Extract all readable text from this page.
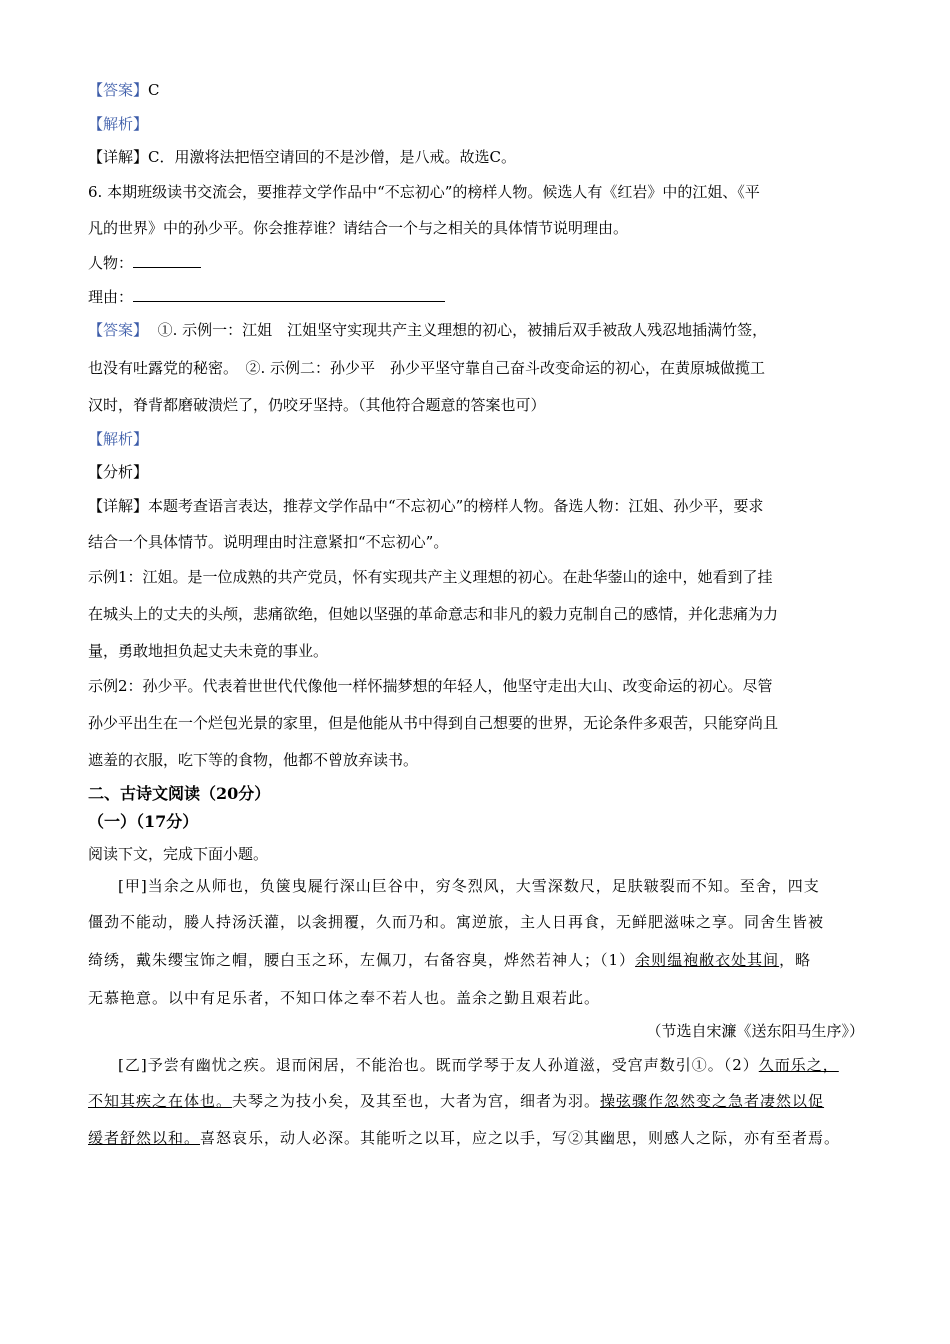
【答案】C
【解析】
【详解】C．用激将法把悟空请回的不是沙僧，是八戒。故选C。
6. 本期班级读书交流会，要推荐文学作品中“不忘初心”的榜样人物。候选人有《红岩》中的江姐、《平
凡的世界》中的孙少平。你会推荐谁？请结合一个与之相关的具体情节说明理由。
人物：
理由：
【答案】 ①. 示例一：江姐　江姐坚守实现共产主义理想的初心，被捕后双手被敌人残忍地插满竹签，
也没有吐露党的秘密。　②. 示例二：孙少平　孙少平坚守靠自己奋斗改变命运的初心，在黄原城做揽工
汉时，脊背都磨破溃烂了，仍咬牙坚持。（其他符合题意的答案也可）
【解析】
【分析】
【详解】本题考查语言表达，推荐文学作品中“不忘初心”的榜样人物。备选人物：江姐、孙少平，要求
结合一个具体情节。说明理由时注意紧扣“不忘初心”。
示例1：江姐。是一位成熟的共产党员，怀有实现共产主义理想的初心。在赴华蓥山的途中，她看到了挂
在城头上的丈夫的头颅，悲痛欲绝，但她以坚强的革命意志和非凡的毅力克制自己的感情，并化悲痛为力
量，勇敢地担负起丈夫未竟的事业。
示例2：孙少平。代表着世世代代像他一样怀揣梦想的年轻人，他坚守走出大山、改变命运的初心。尽管
孙少平出生在一个烂包光景的家里，但是他能从书中得到自己想要的世界，无论条件多艰苦，只能穿尚且
遮羞的衣服，吃下等的食物，他都不曾放弃读书。
二、古诗文阅读（20分）
（一）（17分）
阅读下文，完成下面小题。
[甲]当余之从师也，负箧曳屣行深山巨谷中，穷冬烈风，大雪深数尺，足肤皲裂而不知。至舍，四支
僵劲不能动，媵人持汤沃灌，以衾拥覆，久而乃和。寓逆旅，主人日再食，无鲜肥滋味之享。同舍生皆被
绮绣，戴朱缨宝饰之帽，腰白玉之环，左佩刀，右备容臭，烨然若神人；（1）余则缊袍敝衣处其间，略
无慕艳意。以中有足乐者，不知口体之奉不若人也。盖余之勤且艰若此。
（节选自宋濂《送东阳马生序》）
[乙]予尝有幽忧之疾。退而闲居，不能治也。既而学琴于友人孙道滋，受宫声数引①。（2）久而乐之，
不知其疾之在体也。夫琴之为技小矣，及其至也，大者为宫，细者为羽。操弦骤作忽然变之急者凄然以促
缓者舒然以和。喜怒哀乐，动人必深。其能听之以耳，应之以手，写②其幽思，则感人之际，亦有至者焉。
